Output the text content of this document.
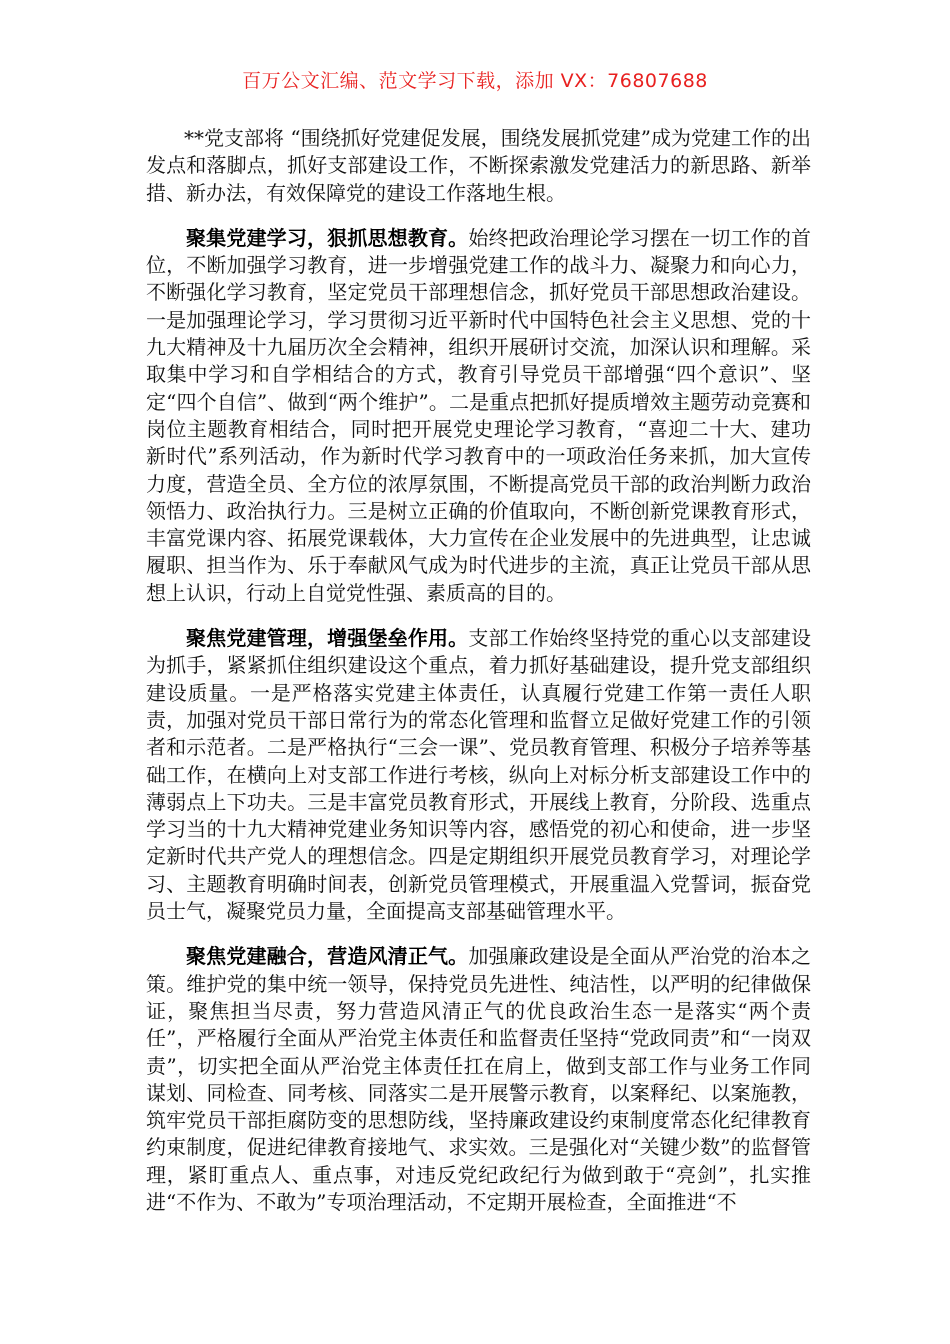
百万公文汇编、范文学习下载，添加 VX：76807688

**党支部将 “围绕抓好党建促发展，围绕发展抓党建”成为党建工作的出发点和落脚点，抓好支部建设工作，不断探索激发党建活力的新思路、新举措、新办法，有效保障党的建设工作落地生根。

聚集党建学习，狠抓思想教育。始终把政治理论学习摆在一切工作的首位，不断加强学习教育，进一步增强党建工作的战斗力、凝聚力和向心力，不断强化学习教育，坚定党员干部理想信念，抓好党员干部思想政治建设。一是加强理论学习，学习贯彻习近平新时代中国特色社会主义思想、党的十九大精神及十九届历次全会精神，组织开展研讨交流，加深认识和理解。采取集中学习和自学相结合的方式，教育引导党员干部增强“四个意识”、坚定“四个自信”、做到“两个维护”。二是重点把抓好提质增效主题劳动竞赛和岗位主题教育相结合，同时把开展党史理论学习教育，“喜迎二十大、建功新时代”系列活动，作为新时代学习教育中的一项政治任务来抓，加大宣传力度，营造全员、全方位的浓厚氛围，不断提高党员干部的政治判断力政治领悟力、政治执行力。三是树立正确的价值取向，不断创新党课教育形式，丰富党课内容、拓展党课载体，大力宣传在企业发展中的先进典型，让忠诚履职、担当作为、乐于奉献风气成为时代进步的主流，真正让党员干部从思想上认识，行动上自觉党性强、素质高的目的。

聚焦党建管理，增强堡垒作用。支部工作始终坚持党的重心以支部建设为抓手，紧紧抓住组织建设这个重点，着力抓好基础建设，提升党支部组织建设质量。一是严格落实党建主体责任，认真履行党建工作第一责任人职责，加强对党员干部日常行为的常态化管理和监督立足做好党建工作的引领者和示范者。二是严格执行“三会一课”、党员教育管理、积极分子培养等基础工作，在横向上对支部工作进行考核，纵向上对标分析支部建设工作中的薄弱点上下功夫。三是丰富党员教育形式，开展线上教育，分阶段、选重点学习当的十九大精神党建业务知识等内容，感悟党的初心和使命，进一步坚定新时代共产党人的理想信念。四是定期组织开展党员教育学习，对理论学习、主题教育明确时间表，创新党员管理模式，开展重温入党誓词，振奋党员士气，凝聚党员力量，全面提高支部基础管理水平。

聚焦党建融合，营造风清正气。加强廉政建设是全面从严治党的治本之策。维护党的集中统一领导，保持党员先进性、纯洁性，以严明的纪律做保证，聚焦担当尽责，努力营造风清正气的优良政治生态一是落实“两个责任”，严格履行全面从严治党主体责任和监督责任坚持“党政同责”和“一岗双责”，切实把全面从严治党主体责任扛在肩上，做到支部工作与业务工作同谋划、同检查、同考核、同落实二是开展警示教育，以案释纪、以案施教，筑牢党员干部拒腐防变的思想防线，坚持廉政建设约束制度常态化纪律教育约束制度，促进纪律教育接地气、求实效。三是强化对“关键少数”的监督管理，紧盯重点人、重点事，对违反党纪政纪行为做到敢于“亮剑”，扎实推进“不作为、不敢为”专项治理活动，不定期开展检查，全面推进“不
